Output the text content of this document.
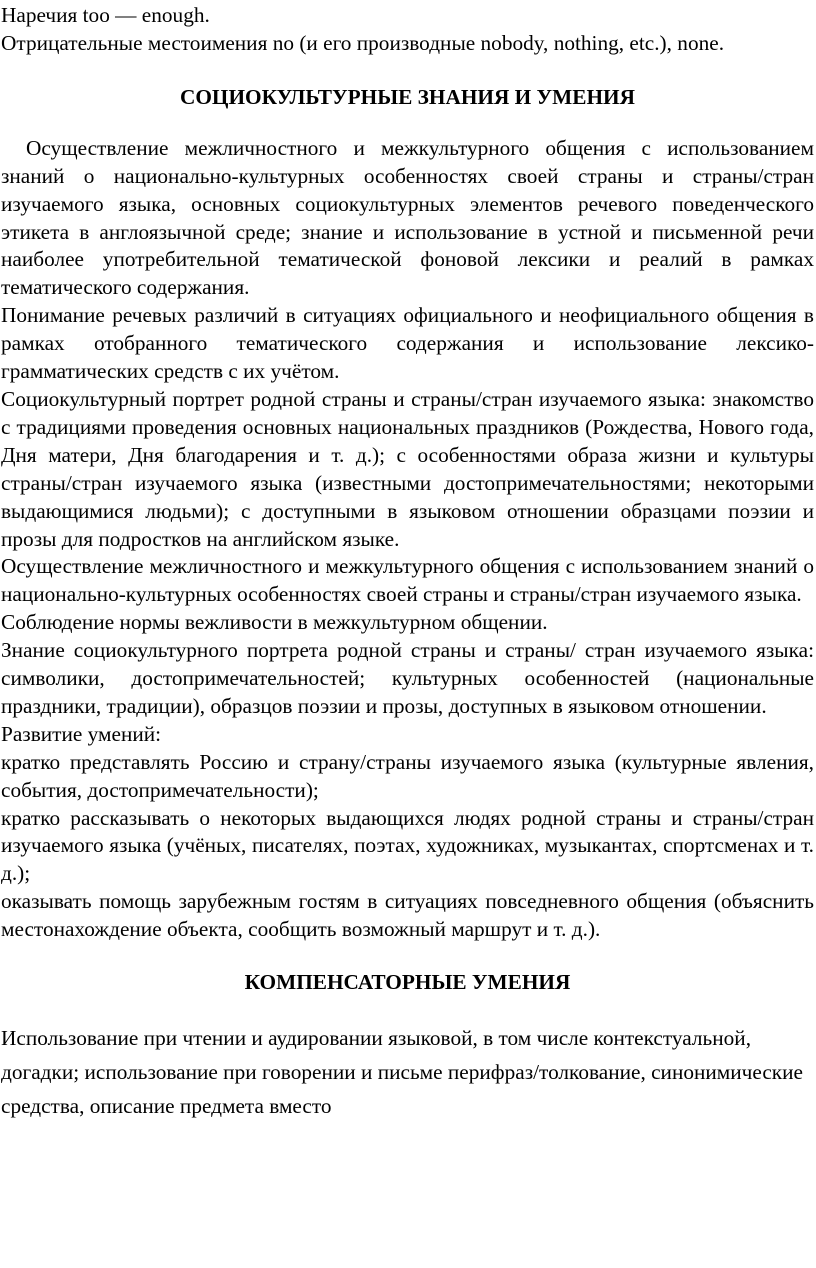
Наречия too — enough.

Отрицательные местоимения no (и его производные nobody, nothing, etc.), none.

СОЦИОКУЛЬТУРНЫЕ ЗНАНИЯ И УМЕНИЯ

Осуществление межличностного и межкультурного общения с использованием знаний о национально-культурных особенностях своей страны и страны/стран изучаемого языка, основных социокультурных элементов речевого поведенческого этикета в англоязычной среде; знание и использование в устной и письменной речи наиболее употребительной тематической фоновой лексики и реалий в рамках тематического содержания.

Понимание речевых различий в ситуациях официального и неофициального общения в рамках отобранного тематического содержания и использование лексико-грамматических средств с их учётом.

Социокультурный портрет родной страны и страны/стран изучаемого языка: знакомство с традициями проведения основных национальных праздников (Рождества, Нового года, Дня матери, Дня благодарения и т. д.); с особенностями образа жизни и культуры страны/стран изучаемого языка (известными достопримечательностями; некоторыми выдающимися людьми); с доступными в языковом отношении образцами поэзии и прозы для подростков на английском языке.

Осуществление межличностного и межкультурного общения с использованием знаний о национально-культурных особенностях своей страны и страны/стран изучаемого языка.

Соблюдение нормы вежливости в межкультурном общении.

Знание социокультурного портрета родной страны и страны/ стран изучаемого языка: символики, достопримечательностей; культурных особенностей (национальные праздники, традиции), образцов поэзии и прозы, доступных в языковом отношении.

Развитие умений:

кратко представлять Россию и страну/страны изучаемого языка (культурные явления, события, достопримечательности);

кратко рассказывать о некоторых выдающихся людях родной страны и страны/стран изучаемого языка (учёных, писателях, поэтах, художниках, музыкантах, спортсменах и т. д.);

оказывать помощь зарубежным гостям в ситуациях повседневного общения (объяснить местонахождение объекта, сообщить возможный маршрут и т. д.).

КОМПЕНСАТОРНЫЕ УМЕНИЯ

Использование при чтении и аудировании языковой, в том числе контекстуальной, догадки; использование при говорении и письме перифраз/толкование, синонимические средства, описание предмета вместо
